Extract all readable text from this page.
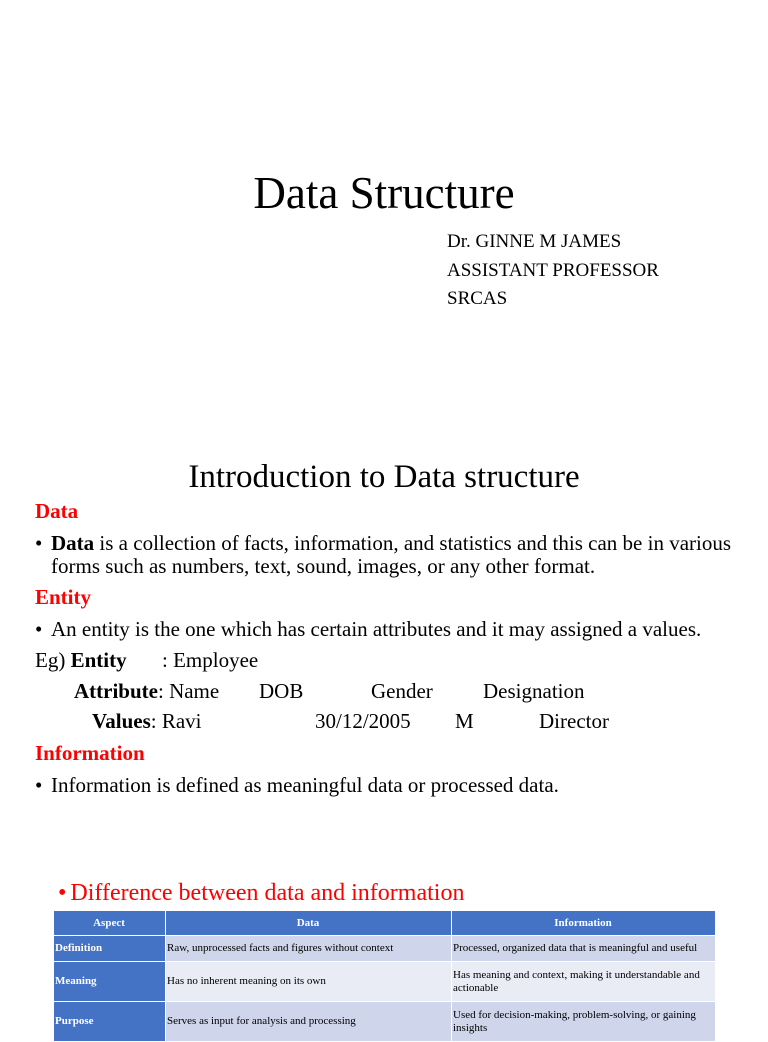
Data Structure
Dr. GINNE M JAMES
ASSISTANT PROFESSOR
SRCAS
Introduction to Data structure
Data
• Data is a collection of facts, information, and statistics and this can be in various forms such as numbers, text, sound, images, or any other format.
Entity
• An entity is the one which has certain attributes and it may assigned a values.
Eg) Entity : Employee
Attribute: Name DOB	Gender Designation
Values: Ravi	30/12/2005 M	Director
Information
• Information is defined as meaningful data or processed data.
• Difference between data and information
Aspect	Data	Information
Definition	Raw, unprocessed facts and figures without context	Processed, organized data that is meaningful and useful
Meaning	Has no inherent meaning on its own	Has meaning and context, making it understandable and actionable
Purpose	Serves as input for analysis and processing	Used for decision-making, problem-solving, or gaining insights
